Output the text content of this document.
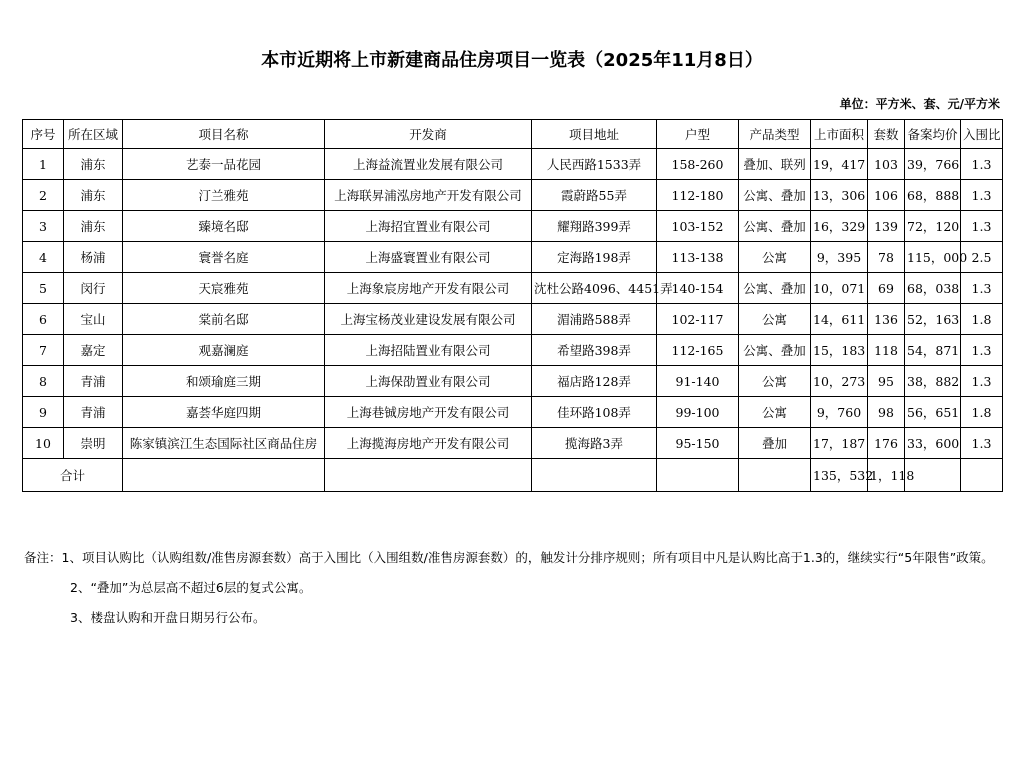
本市近期将上市新建商品住房项目一览表（2025年11月8日）
单位：平方米、套、元/平方米
序号	所在区域	项目名称	开发商	项目地址	户型	产品类型	上市面积	套数	备案均价	入围比
1	浦东	艺泰一品花园	上海益流置业发展有限公司	人民西路1533弄	158-260	叠加、联列	19，417	103	39，766	1.3
2	浦东	汀兰雅苑	上海联昇浦泓房地产开发有限公司	霞蔚路55弄	112-180	公寓、叠加	13，306	106	68，888	1.3
3	浦东	臻境名邸	上海招宜置业有限公司	耀翔路399弄	103-152	公寓、叠加	16，329	139	72，120	1.3
4	杨浦	寰誉名庭	上海盛寰置业有限公司	定海路198弄	113-138	公寓	9，395	78	115，000	2.5
5	闵行	天宸雅苑	上海象宸房地产开发有限公司	沈杜公路4096、4451弄	140-154	公寓、叠加	10，071	69	68，038	1.3
6	宝山	棠前名邸	上海宝杨茂业建设发展有限公司	湄浦路588弄	102-117	公寓	14，611	136	52，163	1.8
7	嘉定	观嘉澜庭	上海招陆置业有限公司	希望路398弄	112-165	公寓、叠加	15，183	118	54，871	1.3
8	青浦	和颂瑜庭三期	上海保劭置业有限公司	福店路128弄	91-140	公寓	10，273	95	38，882	1.3
9	青浦	嘉荟华庭四期	上海巷铖房地产开发有限公司	佳环路108弄	99-100	公寓	9，760	98	56，651	1.8
10	崇明	陈家镇滨江生态国际社区商品住房	上海揽海房地产开发有限公司	揽海路3弄	95-150	叠加	17，187	176	33，600	1.3
合计							135，532	1，118		
备注：1、项目认购比（认购组数/准售房源套数）高于入围比（入围组数/准售房源套数）的，触发计分排序规则；所有项目中凡是认购比高于1.3的，继续实行“5年限售”政策。
2、“叠加”为总层高不超过6层的复式公寓。
3、楼盘认购和开盘日期另行公布。
